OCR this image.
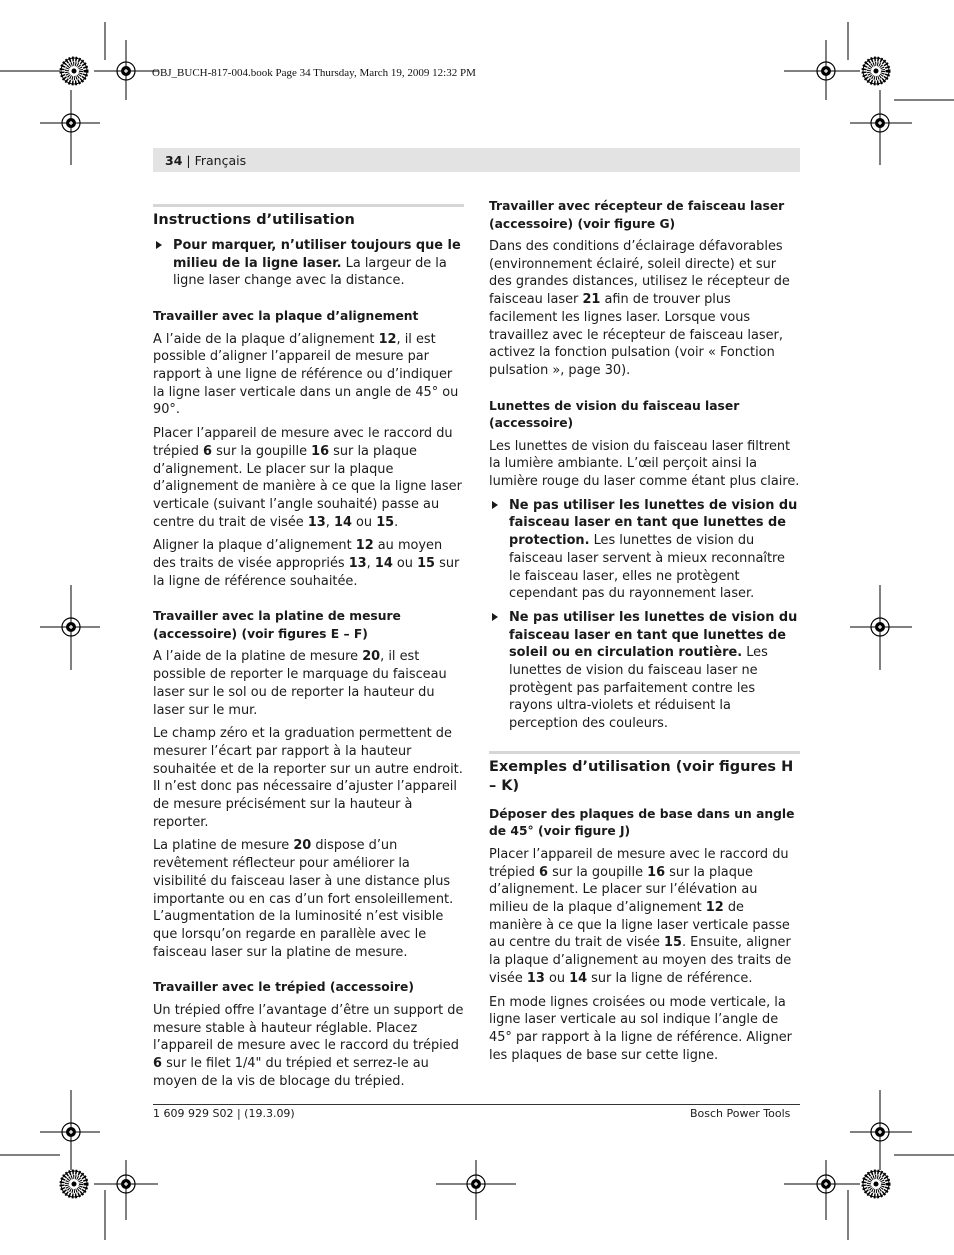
OBJ_BUCH-817-004.book Page 34 Thursday, March 19, 2009 12:32 PM
34 | Français
Instructions d’utilisation
Pour marquer, n’utiliser toujours que le milieu de la ligne laser. La largeur de la ligne laser change avec la distance.
Travailler avec la plaque d’alignement

A l’aide de la plaque d’alignement 12, il est possible d’aligner l’appareil de mesure par rapport à une ligne de référence ou d’indiquer la ligne laser verticale dans un angle de 45° ou 90°.

Placer l’appareil de mesure avec le raccord du trépied 6 sur la goupille 16 sur la plaque d’alignement. Le placer sur la plaque d’alignement de manière à ce que la ligne laser verticale (suivant l’angle souhaité) passe au centre du trait de visée 13, 14 ou 15.

Aligner la plaque d’alignement 12 au moyen des traits de visée appropriés 13, 14 ou 15 sur la ligne de référence souhaitée.

Travailler avec la platine de mesure (accessoire) (voir figures E – F)

A l’aide de la platine de mesure 20, il est possible de reporter le marquage du faisceau laser sur le sol ou de reporter la hauteur du laser sur le mur.

Le champ zéro et la graduation permettent de mesurer l’écart par rapport à la hauteur souhaitée et de la reporter sur un autre endroit. Il n’est donc pas nécessaire d’ajuster l’appareil de mesure précisément sur la hauteur à reporter.

La platine de mesure 20 dispose d’un revêtement réflecteur pour améliorer la visibilité du faisceau laser à une distance plus importante ou en cas d’un fort ensoleillement. L’augmentation de la luminosité n’est visible que lorsqu’on regarde en parallèle avec le faisceau laser sur la platine de mesure.

Travailler avec le trépied (accessoire)

Un trépied offre l’avantage d’être un support de mesure stable à hauteur réglable. Placez l’appareil de mesure avec le raccord du trépied 6 sur le filet 1/4" du trépied et serrez-le au moyen de la vis de blocage du trépied.

Travailler avec récepteur de faisceau laser (accessoire) (voir figure G)

Dans des conditions d’éclairage défavorables (environnement éclairé, soleil directe) et sur des grandes distances, utilisez le récepteur de faisceau laser 21 afin de trouver plus facilement les lignes laser. Lorsque vous travaillez avec le récepteur de faisceau laser, activez la fonction pulsation (voir « Fonction pulsation », page 30).

Lunettes de vision du faisceau laser (accessoire)

Les lunettes de vision du faisceau laser filtrent la lumière ambiante. L’œil perçoit ainsi la lumière rouge du laser comme étant plus claire.

Ne pas utiliser les lunettes de vision du faisceau laser en tant que lunettes de protection. Les lunettes de vision du faisceau laser servent à mieux reconnaître le faisceau laser, elles ne protègent cependant pas du rayonnement laser.
Ne pas utiliser les lunettes de vision du faisceau laser en tant que lunettes de soleil ou en circulation routière. Les lunettes de vision du faisceau laser ne protègent pas parfaitement contre les rayons ultra-violets et réduisent la perception des couleurs.
Exemples d’utilisation (voir figures H – K)
Déposer des plaques de base dans un angle de 45° (voir figure J)

Placer l’appareil de mesure avec le raccord du trépied 6 sur la goupille 16 sur la plaque d’alignement. Le placer sur l’élévation au milieu de la plaque d’alignement 12 de manière à ce que la ligne laser verticale passe au centre du trait de visée 15. Ensuite, aligner la plaque d’alignement au moyen des traits de visée 13 ou 14 sur la ligne de référence.

En mode lignes croisées ou mode verticale, la ligne laser verticale au sol indique l’angle de 45° par rapport à la ligne de référence. Aligner les plaques de base sur cette ligne.

1 609 929 S02 | (19.3.09)	Bosch Power Tools
